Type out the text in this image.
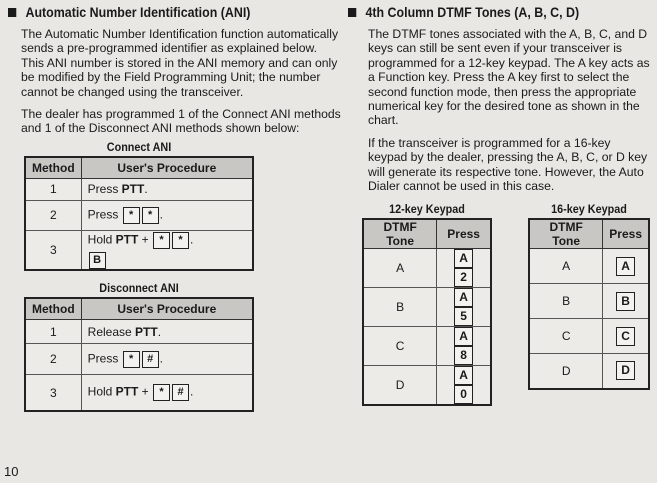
Automatic Number Identification (ANI)

The Automatic Number Identification function automatically sends a pre-programmed identifier as explained below. This ANI number is stored in the ANI memory and can only be modified by the Field Programming Unit; the number cannot be changed using the transceiver.

The dealer has programmed 1 of the Connect ANI methods and 1 of the Disconnect ANI methods shown below:

Connect ANI
Method	User's Procedure
1	Press PTT.
2	Press * * .
3	Hold PTT + * * .
B
Disconnect ANI
Method	User's Procedure
1	Release PTT.
2	Press * # .
3	Hold PTT + * # .
4th Column DTMF Tones (A, B, C, D)

The DTMF tones associated with the A, B, C, and D keys can still be sent even if your transceiver is programmed for a 12-key keypad. The A key acts as a Function key. Press the A key first to select the second function mode, then press the appropriate numerical key for the desired tone as shown in the chart.

If the transceiver is programmed for a 16-key keypad by the dealer, pressing the A, B, C, or D key will generate its respective tone. However, the Auto Dialer cannot be used in this case.

12-key Keypad
DTMF Tone	Press
A	A2
B	A5
C	A8
D	A0
16-key Keypad
DTMF Tone	Press
A	A
B	B
C	C
D	D
10
